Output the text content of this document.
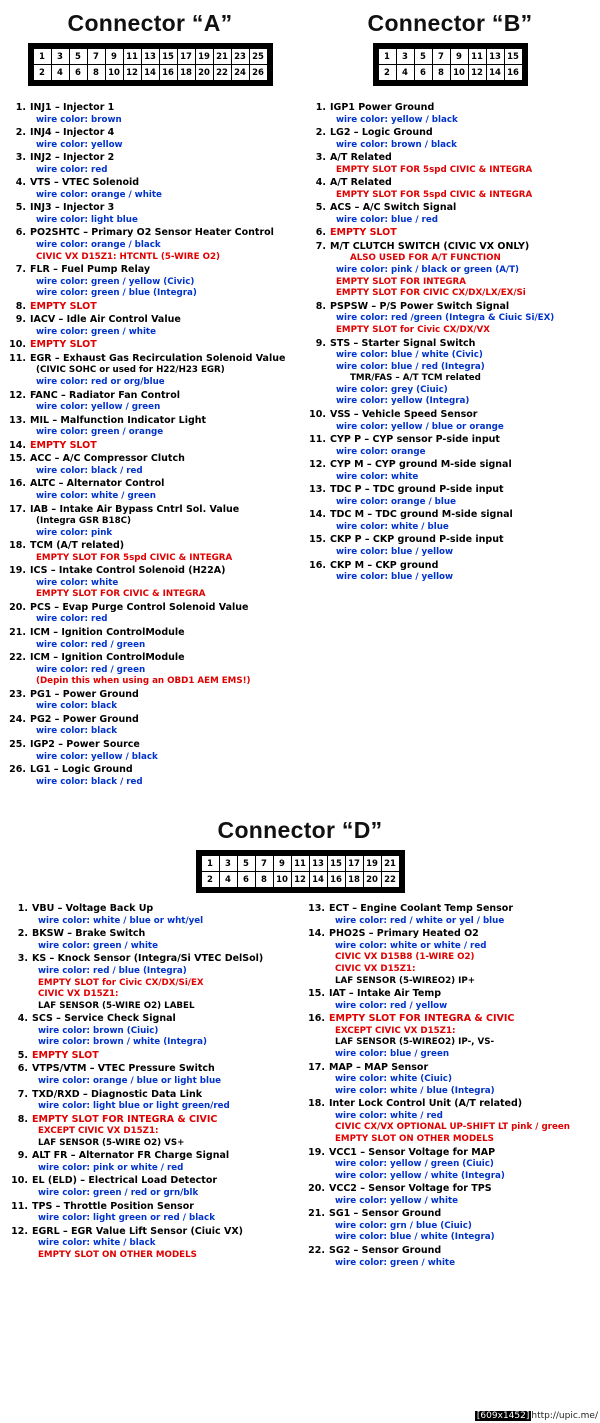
Connector “A”
1	3	5	7	9	11	13	15	17	19	21	23	25
2	4	6	8	10	12	14	16	18	20	22	24	26
1. INJ1 – Injector 1
wire color: brown
2. INJ4 – Injector 4
wire color: yellow
3. INJ2 – Injector 2
wire color: red
4. VTS – VTEC Solenoid
wire color: orange / white
5. INJ3 – Injector 3
wire color: light blue
6. PO2SHTC – Primary O2 Sensor Heater Control
wire color: orange / black
CIVIC VX D15Z1: HTCNTL (5-WIRE O2)
7. FLR – Fuel Pump Relay
wire color: green / yellow (Civic)
wire color: green / blue (Integra)
8. EMPTY SLOT
9. IACV – Idle Air Control Value
wire color: green / white
10. EMPTY SLOT
11. EGR – Exhaust Gas Recirculation Solenoid Value
(CIVIC SOHC or used for H22/H23 EGR)
wire color: red or org/blue
12. FANC – Radiator Fan Control
wire color: yellow / green
13. MIL – Malfunction Indicator Light
wire color: green / orange
14. EMPTY SLOT
15. ACC – A/C Compressor Clutch
wire color: black / red
16. ALTC – Alternator Control
wire color: white / green
17. IAB – Intake Air Bypass Cntrl Sol. Value
(Integra GSR B18C)
wire color: pink
18. TCM (A/T related)
EMPTY SLOT FOR 5spd CIVIC & INTEGRA
19. ICS – Intake Control Solenoid (H22A)
wire color: white
EMPTY SLOT FOR CIVIC & INTEGRA
20. PCS – Evap Purge Control Solenoid Value
wire color: red
21. ICM – Ignition ControlModule
wire color: red / green
22. ICM – Ignition ControlModule
wire color: red / green
(Depin this when using an OBD1 AEM EMS!)
23. PG1 – Power Ground
wire color: black
24. PG2 – Power Ground
wire color: black
25. IGP2 – Power Source
wire color: yellow / black
26. LG1 – Logic Ground
wire color: black / red
Connector “B”
1	3	5	7	9	11	13	15
2	4	6	8	10	12	14	16
1. IGP1 Power Ground
wire color: yellow / black
2. LG2 – Logic Ground
wire color: brown / black
3. A/T Related
EMPTY SLOT FOR 5spd CIVIC & INTEGRA
4. A/T Related
EMPTY SLOT FOR 5spd CIVIC & INTEGRA
5. ACS – A/C Switch Signal
wire color: blue / red
6. EMPTY SLOT
7. M/T CLUTCH SWITCH (CIVIC VX ONLY)
ALSO USED FOR A/T FUNCTION
wire color: pink / black or green (A/T)
EMPTY SLOT FOR INTEGRA
EMPTY SLOT FOR CIVIC CX/DX/LX/EX/Si
8. PSPSW – P/S Power Switch Signal
wire color: red /green (Integra & Ciuic Si/EX)
EMPTY SLOT for Civic CX/DX/VX
9. STS – Starter Signal Switch
wire color: blue / white (Civic)
wire color: blue / red (Integra)
TMR/FAS – A/T TCM related
wire color: grey (Ciuic)
wire color: yellow (Integra)
10. VSS – Vehicle Speed Sensor
wire color: yellow / blue or orange
11. CYP P – CYP sensor P-side input
wire color: orange
12. CYP M – CYP ground M-side signal
wire color: white
13. TDC P – TDC ground P-side input
wire color: orange / blue
14. TDC M – TDC ground M-side signal
wire color: white / blue
15. CKP P – CKP ground P-side input
wire color: blue / yellow
16. CKP M – CKP ground
wire color: blue / yellow
Connector “D”
1	3	5	7	9	11	13	15	17	19	21
2	4	6	8	10	12	14	16	18	20	22
1. VBU – Voltage Back Up
wire color: white / blue or wht/yel
2. BKSW – Brake Switch
wire color: green / white
3. KS – Knock Sensor (Integra/Si VTEC DelSol)
wire color: red / blue (Integra)
EMPTY SLOT for Civic CX/DX/Si/EX
CIVIC VX D15Z1:
LAF SENSOR (5-WIRE O2) LABEL
4. SCS – Service Check Signal
wire color: brown (Ciuic)
wire color: brown / white (Integra)
5. EMPTY SLOT
6. VTPS/VTM – VTEC Pressure Switch
wire color: orange / blue or light blue
7. TXD/RXD – Diagnostic Data Link
wire color: light blue or light green/red
8. EMPTY SLOT FOR INTEGRA & CIVIC
EXCEPT CIVIC VX D15Z1:
LAF SENSOR (5-WIRE O2) VS+
9. ALT FR – Alternator FR Charge Signal
wire color: pink or white / red
10. EL (ELD) – Electrical Load Detector
wire color: green / red or grn/blk
11. TPS – Throttle Position Sensor
wire color: light green or red / black
12. EGRL – EGR Value Lift Sensor (Ciuic VX)
wire color: white / black
EMPTY SLOT ON OTHER MODELS
13. ECT – Engine Coolant Temp Sensor
wire color: red / white or yel / blue
14. PHO2S – Primary Heated O2
wire color: white or white / red
CIVIC VX D15B8 (1-WIRE O2)
CIVIC VX D15Z1:
LAF SENSOR (5-WIREO2) IP+
15. IAT – Intake Air Temp
wire color: red / yellow
16. EMPTY SLOT FOR INTEGRA & CIVIC
EXCEPT CIVIC VX D15Z1:
LAF SENSOR (5-WIREO2) IP-, VS-
wire color: blue / green
17. MAP – MAP Sensor
wire color: white (Ciuic)
wire color: white / blue (Integra)
18. Inter Lock Control Unit (A/T related)
wire color: white / red
CIVIC CX/VX OPTIONAL UP-SHIFT LT pink / green
EMPTY SLOT ON OTHER MODELS
19. VCC1 – Sensor Voltage for MAP
wire color: yellow / green (Ciuic)
wire color: yellow / white (Integra)
20. VCC2 – Sensor Voltage for TPS
wire color: yellow / white
21. SG1 – Sensor Ground
wire color: grn / blue (Ciuic)
wire color: blue / white (Integra)
22. SG2 – Sensor Ground
wire color: green / white
[609x1452] http://upic.me/
